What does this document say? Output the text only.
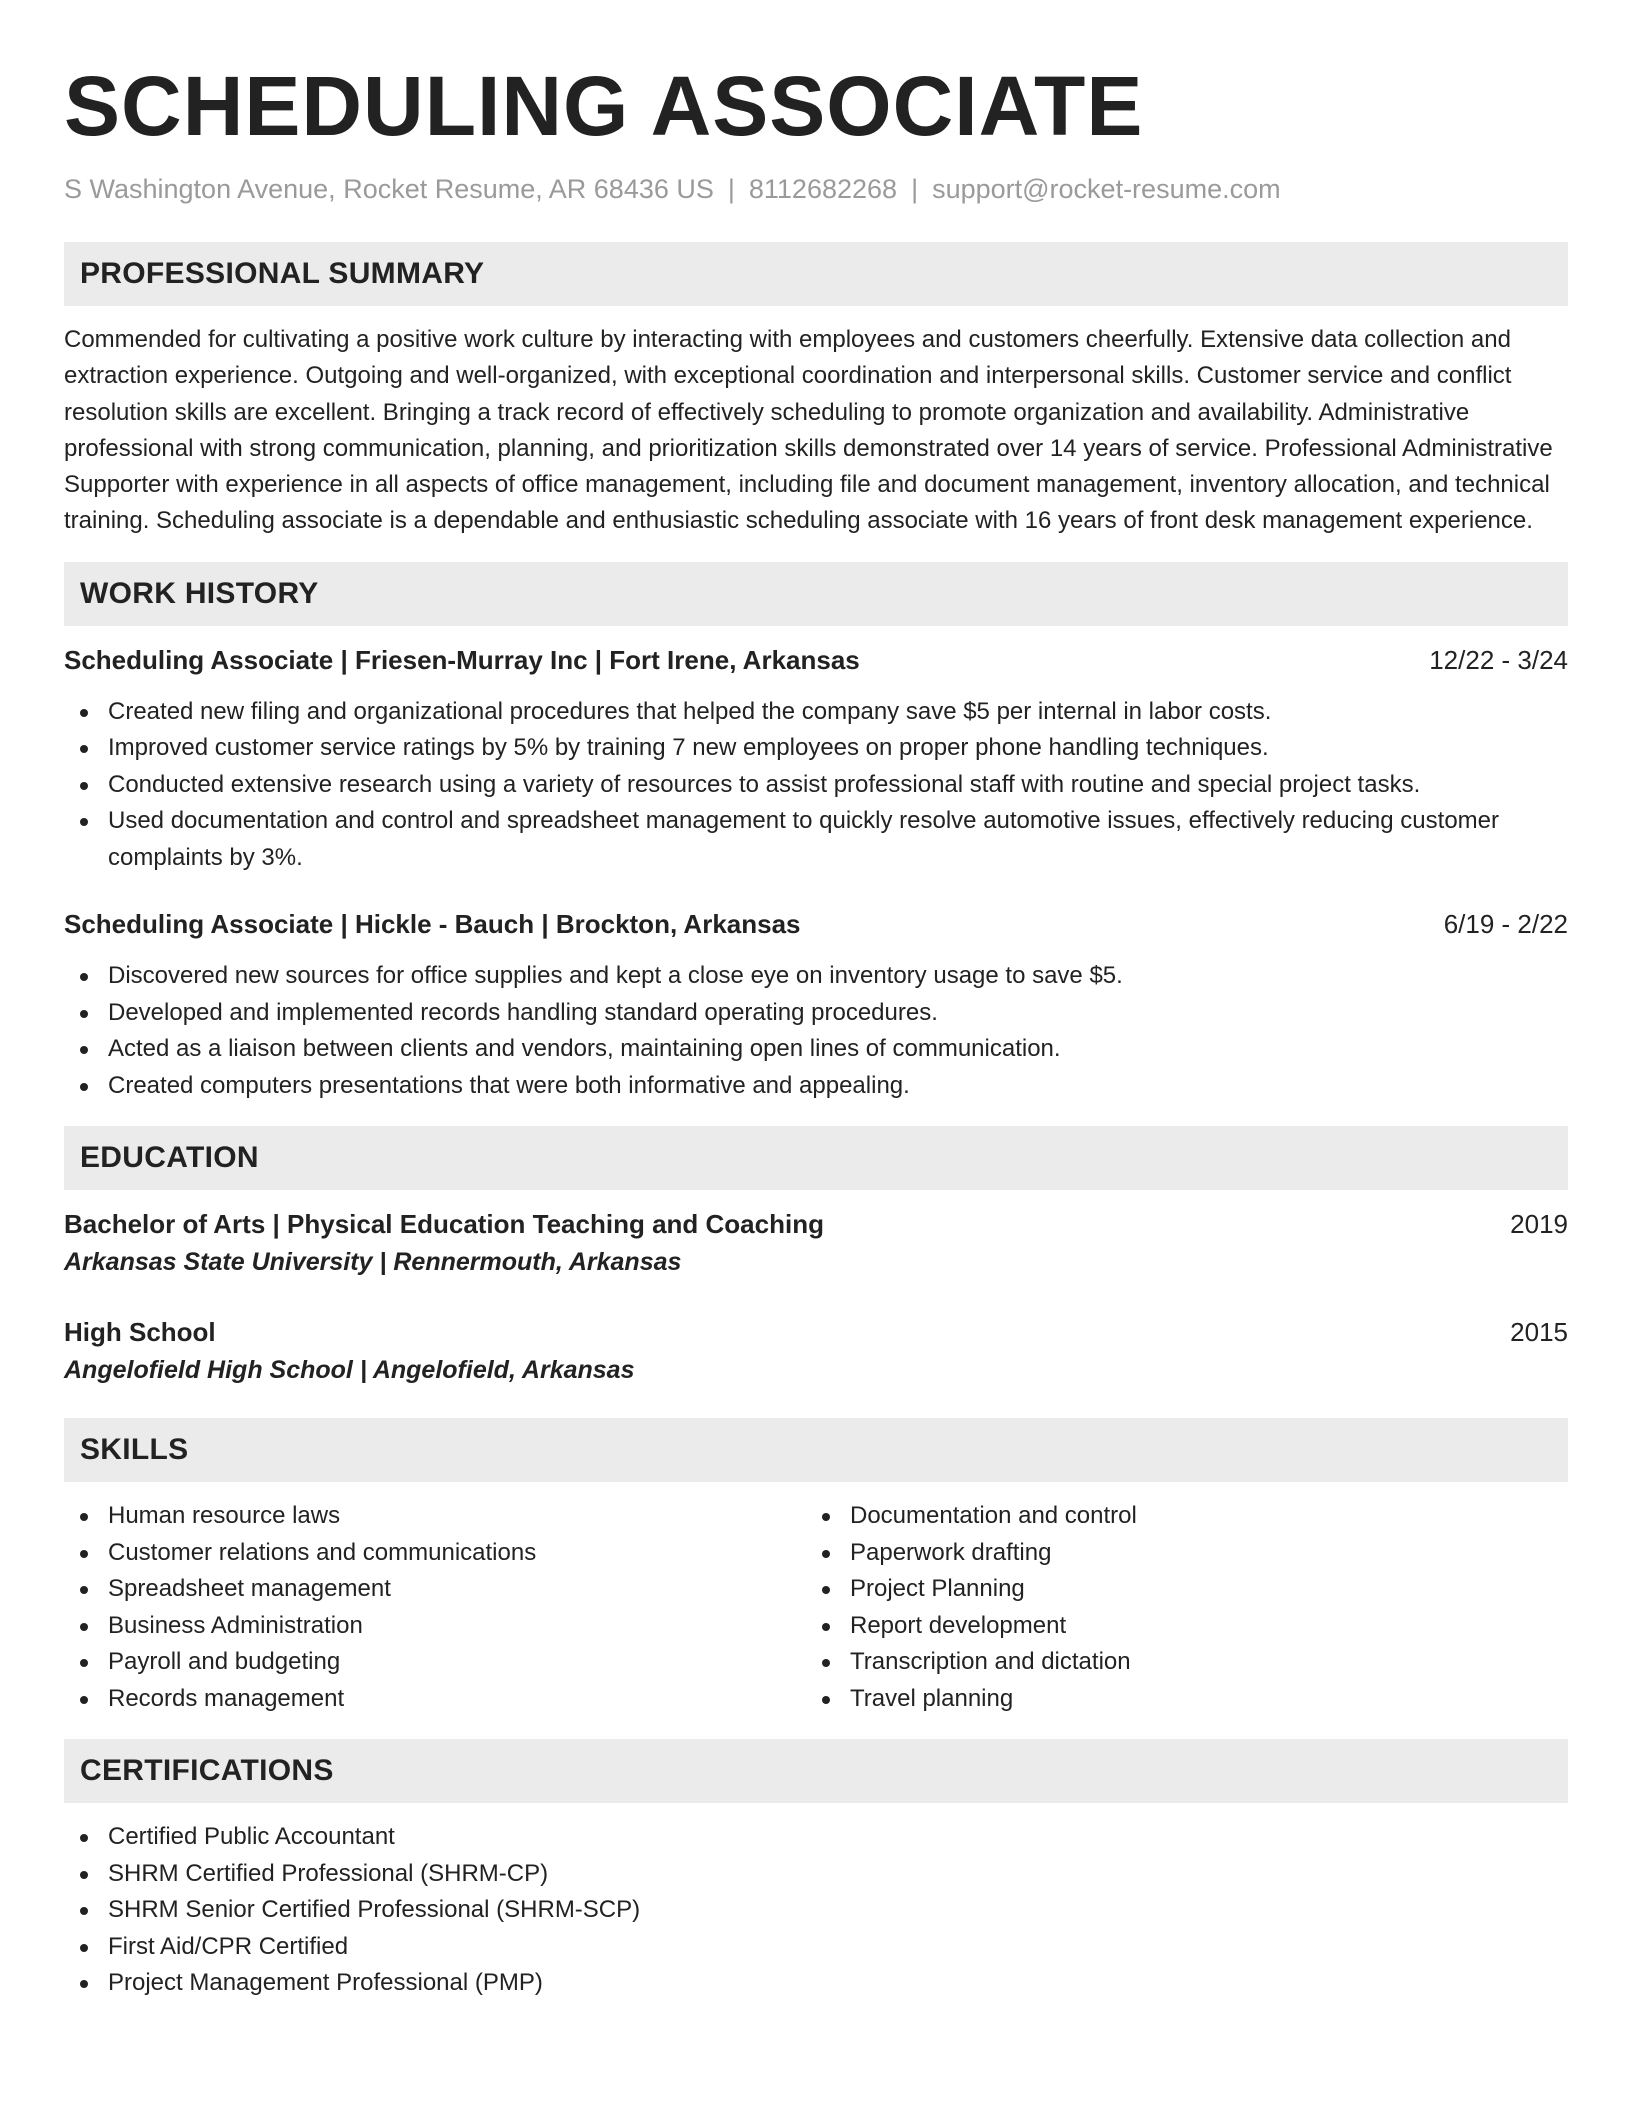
SCHEDULING ASSOCIATE
S Washington Avenue, Rocket Resume, AR 68436 US | 8112682268 | support@rocket-resume.com
PROFESSIONAL SUMMARY
Commended for cultivating a positive work culture by interacting with employees and customers cheerfully. Extensive data collection and extraction experience. Outgoing and well-organized, with exceptional coordination and interpersonal skills. Customer service and conflict resolution skills are excellent. Bringing a track record of effectively scheduling to promote organization and availability. Administrative professional with strong communication, planning, and prioritization skills demonstrated over 14 years of service. Professional Administrative Supporter with experience in all aspects of office management, including file and document management, inventory allocation, and technical training. Scheduling associate is a dependable and enthusiastic scheduling associate with 16 years of front desk management experience.
WORK HISTORY
Scheduling Associate | Friesen-Murray Inc | Fort Irene, Arkansas	12/22 - 3/24
Created new filing and organizational procedures that helped the company save $5 per internal in labor costs.
Improved customer service ratings by 5% by training 7 new employees on proper phone handling techniques.
Conducted extensive research using a variety of resources to assist professional staff with routine and special project tasks.
Used documentation and control and spreadsheet management to quickly resolve automotive issues, effectively reducing customer complaints by 3%.
Scheduling Associate | Hickle - Bauch | Brockton, Arkansas	6/19 - 2/22
Discovered new sources for office supplies and kept a close eye on inventory usage to save $5.
Developed and implemented records handling standard operating procedures.
Acted as a liaison between clients and vendors, maintaining open lines of communication.
Created computers presentations that were both informative and appealing.
EDUCATION
Bachelor of Arts | Physical Education Teaching and Coaching	2019
Arkansas State University | Rennermouth, Arkansas
High School	2015
Angelofield High School | Angelofield, Arkansas
SKILLS
Human resource laws
Customer relations and communications
Spreadsheet management
Business Administration
Payroll and budgeting
Records management
Documentation and control
Paperwork drafting
Project Planning
Report development
Transcription and dictation
Travel planning
CERTIFICATIONS
Certified Public Accountant
SHRM Certified Professional (SHRM-CP)
SHRM Senior Certified Professional (SHRM-SCP)
First Aid/CPR Certified
Project Management Professional (PMP)
